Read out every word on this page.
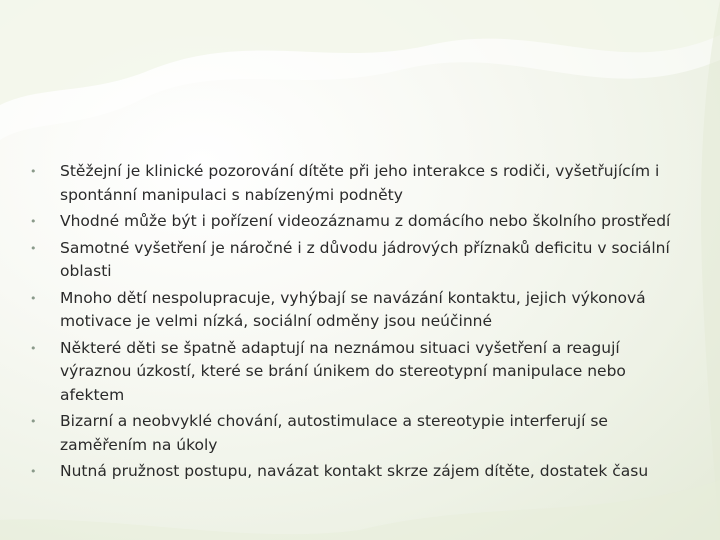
• Stěžejní je klinické pozorování dítěte při jeho interakce s rodiči, vyšetřujícím i spontánní manipulaci s nabízenými podněty
• Vhodné může být i pořízení videozáznamu z domácího nebo školního prostředí
• Samotné vyšetření je náročné i z důvodu jádrových příznaků deficitu v sociální oblasti
• Mnoho dětí nespolupracuje, vyhýbají se navázání kontaktu, jejich výkonová motivace je velmi nízká, sociální odměny jsou neúčinné
• Některé děti se špatně adaptují na neznámou situaci vyšetření a reagují výraznou úzkostí, které se brání únikem do stereotypní manipulace nebo afektem
• Bizarní a neobvyklé chování, autostimulace a stereotypie interferují se zaměřením na úkoly
• Nutná pružnost postupu, navázat kontakt skrze zájem dítěte, dostatek času
